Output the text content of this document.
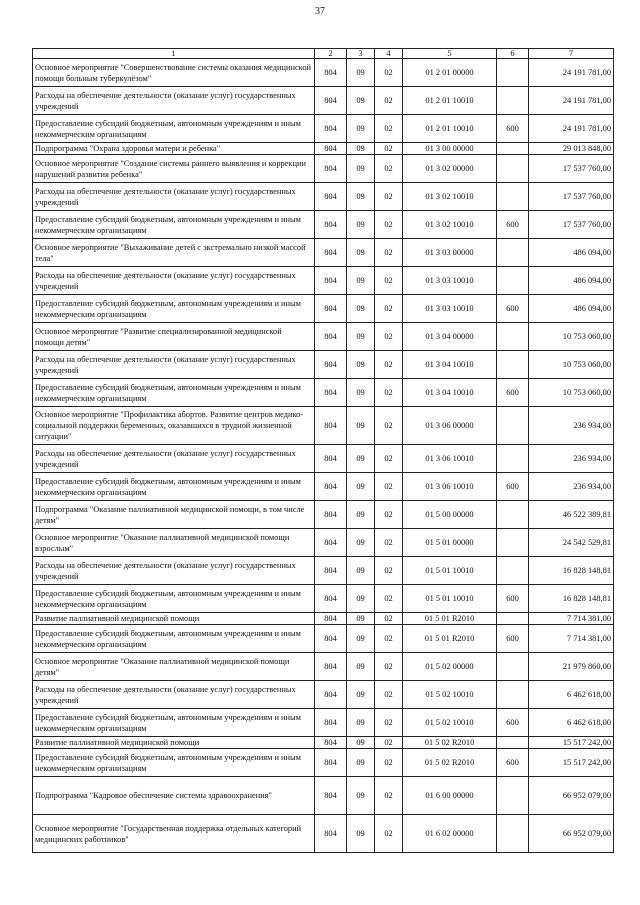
37
1	2	3	4	5	6	7
Основное мероприятие "Совершенствование системы оказания медицинской помощи больным туберкулёзом"	804	09	02	01 2 01 00000		24 191 781,00
Расходы на обеспечение деятельности (оказание услуг) государственных учреждений	804	09	02	01 2 01 10010		24 191 781,00
Предоставление субсидий бюджетным, автономным учреждениям и иным некоммерческим организациям	804	09	02	01 2 01 10010	600	24 191 781,00
Подпрограмма "Охрана здоровья матери и ребенка"	804	09	02	01 3 00 00000		29 013 848,00
Основное мероприятие "Создание системы раннего выявления и коррекции нарушений развития ребенка"	804	09	02	01 3 02 00000		17 537 760,00
Расходы на обеспечение деятельности (оказание услуг) государственных учреждений	804	09	02	01 3 02 10010		17 537 760,00
Предоставление субсидий бюджетным, автономным учреждениям и иным некоммерческим организациям	804	09	02	01 3 02 10010	600	17 537 760,00
Основное мероприятие "Выхаживание детей с экстремально низкой массой тела"	804	09	02	01 3 03 00000		486 094,00
Расходы на обеспечение деятельности (оказание услуг) государственных учреждений	804	09	02	01 3 03 10010		486 094,00
Предоставление субсидий бюджетным, автономным учреждениям и иным некоммерческим организациям	804	09	02	01 3 03 10010	600	486 094,00
Основное мероприятие "Развитие специализированной медицинской помощи детям"	804	09	02	01 3 04 00000		10 753 060,00
Расходы на обеспечение деятельности (оказание услуг) государственных учреждений	804	09	02	01 3 04 10010		10 753 060,00
Предоставление субсидий бюджетным, автономным учреждениям и иным некоммерческим организациям	804	09	02	01 3 04 10010	600	10 753 060,00
Основное мероприятие "Профилактика абортов. Развитие центров медико-социальной поддержки беременных, оказавшихся в трудной жизненной ситуации"	804	09	02	01 3 06 00000		236 934,00
Расходы на обеспечение деятельности (оказание услуг) государственных учреждений	804	09	02	01 3 06 10010		236 934,00
Предоставление субсидий бюджетным, автономным учреждениям и иным некоммерческим организациям	804	09	02	01 3 06 10010	600	236 934,00
Подпрограмма "Оказание паллиативной медицинской помощи, в том числе детям"	804	09	02	01 5 00 00000		46 522 389,81
Основное мероприятие "Оказание паллиативной медицинской помощи взрослым"	804	09	02	01 5 01 00000		24 542 529,81
Расходы на обеспечение деятельности (оказание услуг) государственных учреждений	804	09	02	01 5 01 10010		16 828 148,81
Предоставление субсидий бюджетным, автономным учреждениям и иным некоммерческим организациям	804	09	02	01 5 01 10010	600	16 828 148,81
Развитие паллиативной медицинской помощи	804	09	02	01 5 01 R2010		7 714 381,00
Предоставление субсидий бюджетным, автономным учреждениям и иным некоммерческим организациям	804	09	02	01 5 01 R2010	600	7 714 381,00
Основное мероприятие "Оказание паллиативной медицинской помощи детям"	804	09	02	01 5 02 00000		21 979 860,00
Расходы на обеспечение деятельности (оказание услуг) государственных учреждений	804	09	02	01 5 02 10010		6 462 618,00
Предоставление субсидий бюджетным, автономным учреждениям и иным некоммерческим организациям	804	09	02	01 5 02 10010	600	6 462 618,00
Развитие паллиативной медицинской помощи	804	09	02	01 5 02 R2010		15 517 242,00
Предоставление субсидий бюджетным, автономным учреждениям и иным некоммерческим организациям	804	09	02	01 5 02 R2010	600	15 517 242,00
Подпрограмма "Кадровое обеспечение системы здравоохранения"	804	09	02	01 6 00 00000		66 952 079,00
Основное мероприятие "Государственная поддержка отдельных категорий медицинских работников"	804	09	02	01 6 02 00000		66 952 079,00
